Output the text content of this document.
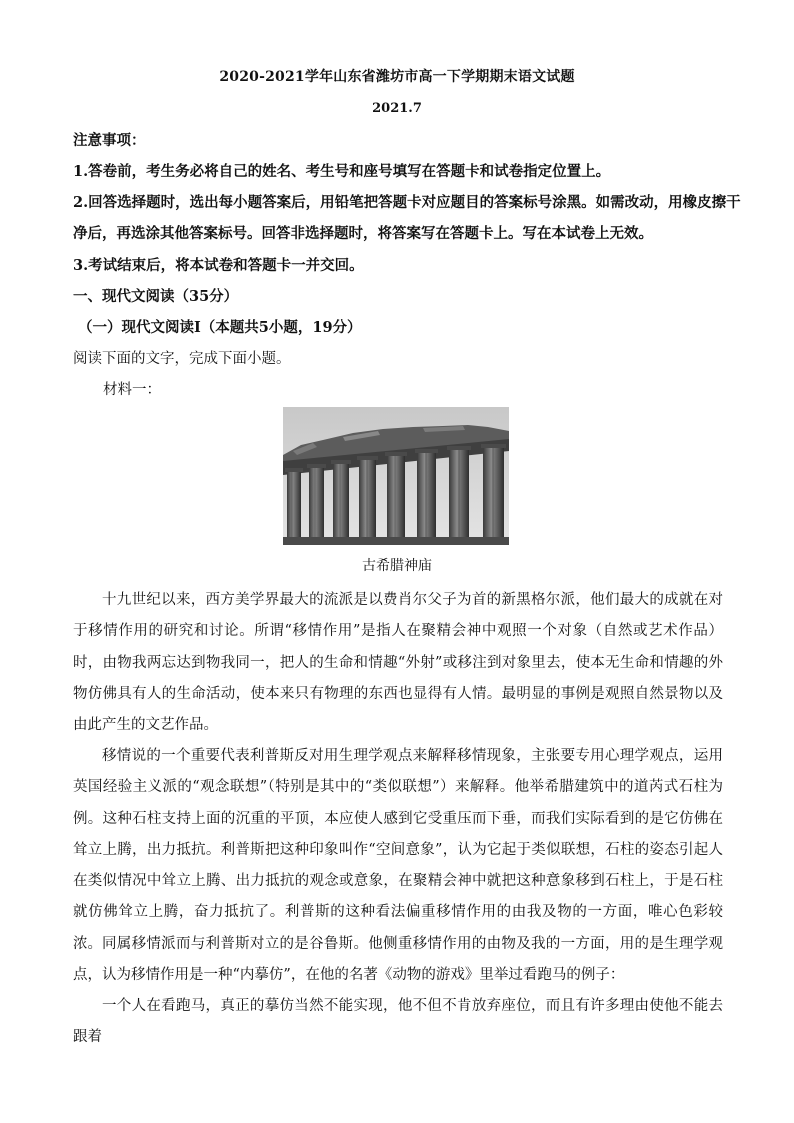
2020-2021学年山东省潍坊市高一下学期期末语文试题
2021.7
注意事项：
1.答卷前，考生务必将自己的姓名、考生号和座号填写在答题卡和试卷指定位置上。
2.回答选择题时，选出每小题答案后，用铅笔把答题卡对应题目的答案标号涂黑。如需改动，用橡皮擦干
净后，再选涂其他答案标号。回答非选择题时，将答案写在答题卡上。写在本试卷上无效。
3.考试结束后，将本试卷和答题卡一并交回。
一、现代文阅读（35分）
（一）现代文阅读Ⅰ（本题共5小题，19分）
阅读下面的文字，完成下面小题。
材料一：
古希腊神庙
十九世纪以来，西方美学界最大的流派是以费肖尔父子为首的新黑格尔派，他们最大的成就在对于移情作用的研究和讨论。所谓“移情作用”是指人在聚精会神中观照一个对象（自然或艺术作品）时，由物我两忘达到物我同一，把人的生命和情趣“外射”或移注到对象里去，使本无生命和情趣的外物仿佛具有人的生命活动，使本来只有物理的东西也显得有人情。最明显的事例是观照自然景物以及由此产生的文艺作品。
移情说的一个重要代表利普斯反对用生理学观点来解释移情现象，主张要专用心理学观点，运用英国经验主义派的“观念联想”（特别是其中的“类似联想”）来解释。他举希腊建筑中的道芮式石柱为例。这种石柱支持上面的沉重的平顶，本应使人感到它受重压而下垂，而我们实际看到的是它仿佛在耸立上腾，出力抵抗。利普斯把这种印象叫作“空间意象”，认为它起于类似联想，石柱的姿态引起人在类似情况中耸立上腾、出力抵抗的观念或意象，在聚精会神中就把这种意象移到石柱上，于是石柱就仿佛耸立上腾，奋力抵抗了。利普斯的这种看法偏重移情作用的由我及物的一方面，唯心色彩较浓。 同属移情派而与利普斯对立的是谷鲁斯。他侧重移情作用的由物及我的一方面，用的是生理学观点，认为移情作用是一种“内摹仿”，在他的名著《动物的游戏》里举过看跑马的例子：
一个人在看跑马，真正的摹仿当然不能实现，他不但不肯放弃座位，而且有许多理由使他不能去跟着
